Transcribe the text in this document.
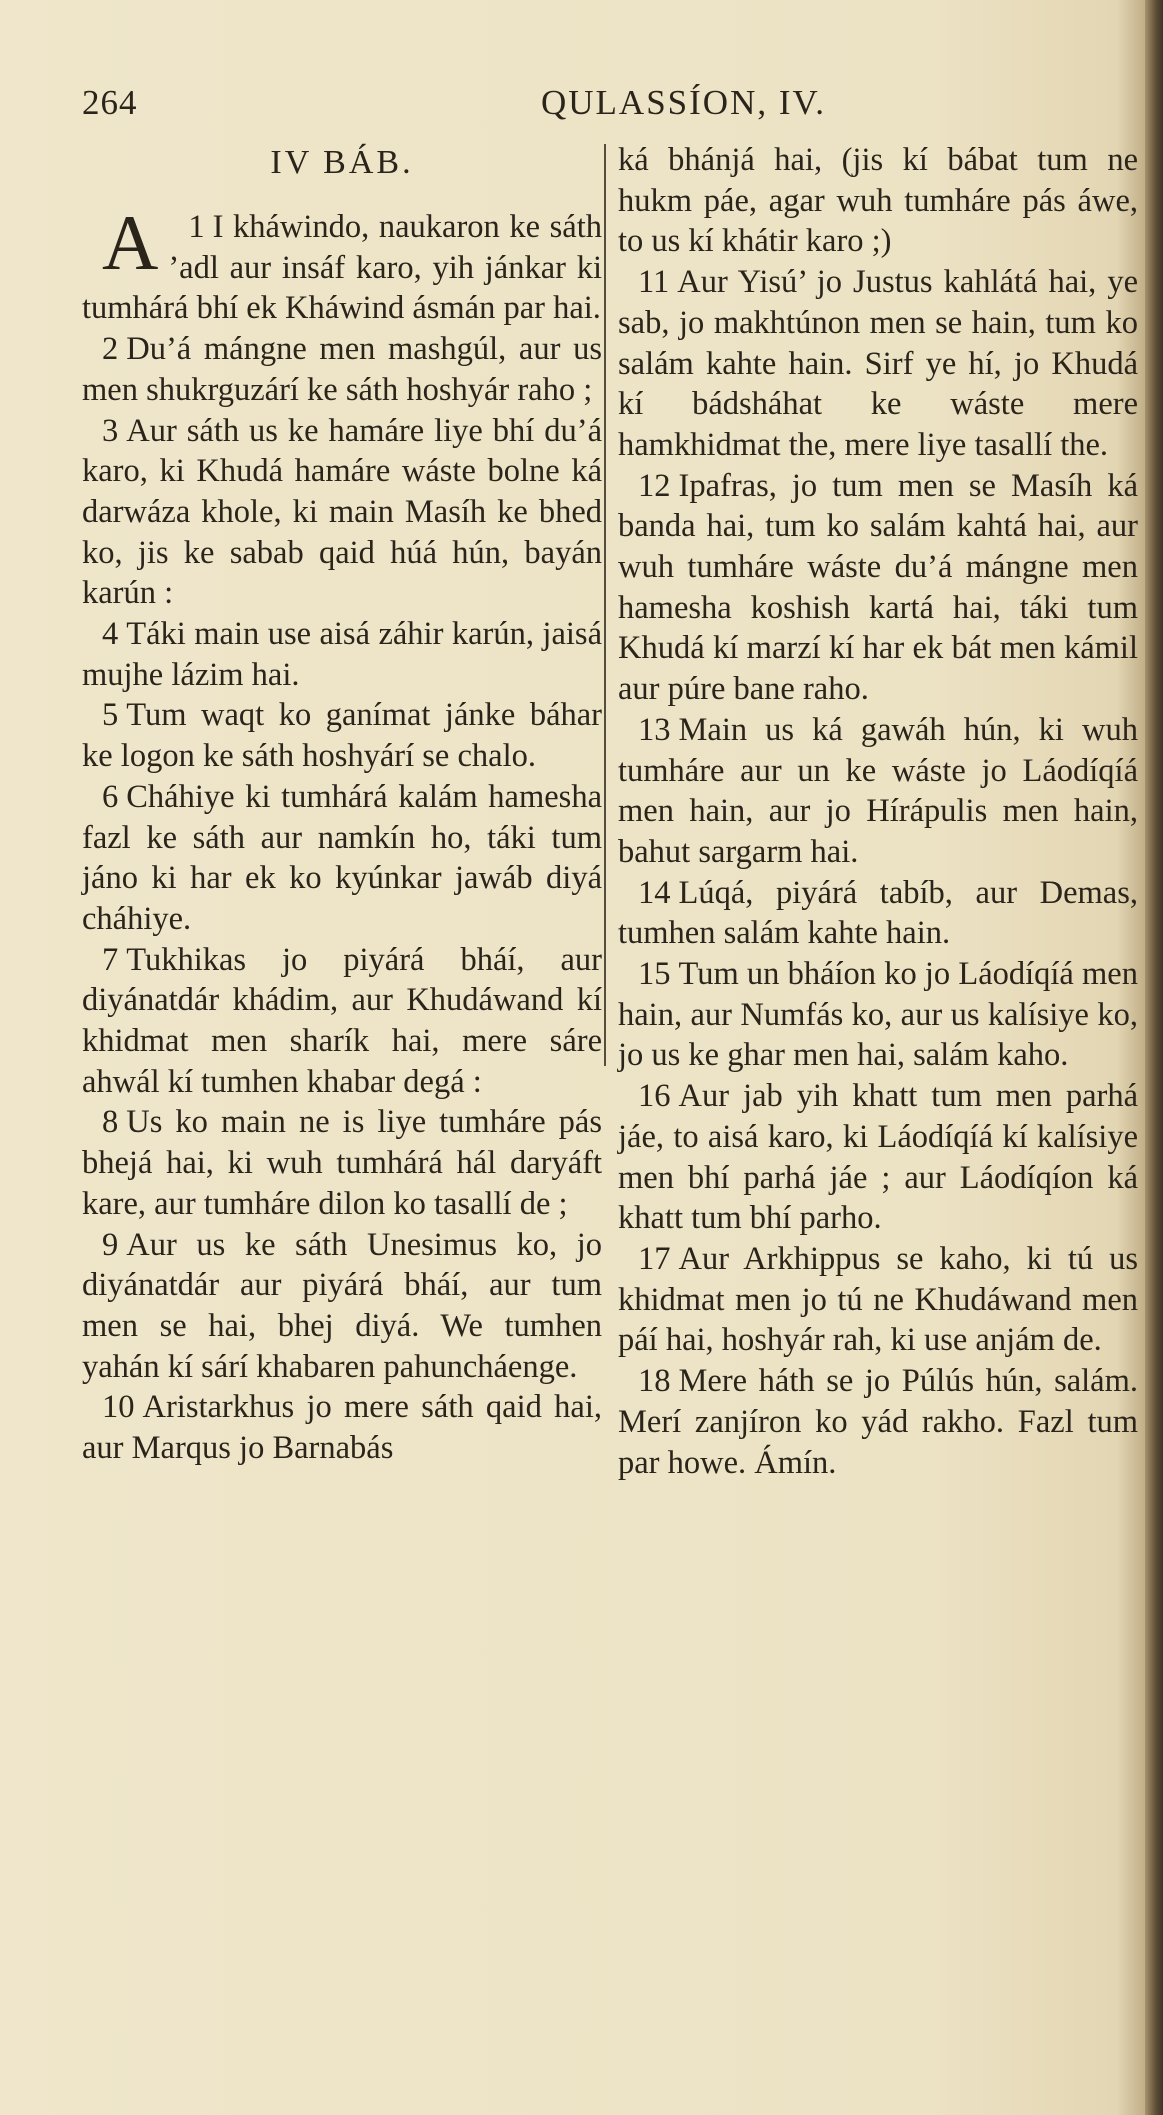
264	QULASSÍON, IV.
IV BÁB.

1
A I kháwindo, naukaron ke sáth ’adl aur insáf karo, yih jánkar ki tumhárá bhí ek Kháwind ásmán par hai.

2 Du’á mángne men mashgúl, aur us men shukrguzárí ke sáth hoshyár raho ;

3 Aur sáth us ke hamáre liye bhí du’á karo, ki Khudá hamáre wáste bolne ká darwáza khole, ki main Masíh ke bhed ko, jis ke sabab qaid húá hún, bayán karún :

4 Táki main use aisá záhir karún, jaisá mujhe lázim hai.

5 Tum waqt ko ganímat jánke báhar ke logon ke sáth hoshyárí se chalo.

6 Cháhiye ki tumhárá kalám hamesha fazl ke sáth aur namkín ho, táki tum jáno ki har ek ko kyúnkar jawáb diyá cháhiye.

7 Tukhikas jo piyárá bháí, aur diyánatdár khádim, aur Khudáwand kí khidmat men sharík hai, mere sáre ahwál kí tumhen khabar degá :

8 Us ko main ne is liye tumháre pás bhejá hai, ki wuh tumhárá hál daryáft kare, aur tumháre dilon ko tasallí de ;

9 Aur us ke sáth Unesimus ko, jo diyánatdár aur piyárá bháí, aur tum men se hai, bhej diyá. We tumhen yahán kí sárí khabaren pahuncháenge.

10 Aristarkhus jo mere sáth qaid hai, aur Marqus jo Barnabás

ká bhánjá hai, (jis kí bábat tum ne hukm páe, agar wuh tumháre pás áwe, to us kí khátir karo ;)

11 Aur Yisú’ jo Justus kahlátá hai, ye sab, jo makhtúnon men se hain, tum ko salám kahte hain. Sirf ye hí, jo Khudá kí bádsháhat ke wáste mere hamkhidmat the, mere liye tasallí the.

12 Ipafras, jo tum men se Masíh ká banda hai, tum ko salám kahtá hai, aur wuh tumháre wáste du’á mángne men hamesha koshish kartá hai, táki tum Khudá kí marzí kí har ek bát men kámil aur púre bane raho.

13 Main us ká gawáh hún, ki wuh tumháre aur un ke wáste jo Láodíqíá men hain, aur jo Hírápulis men hain, bahut sargarm hai.

14 Lúqá, piyárá tabíb, aur Demas, tumhen salám kahte hain.

15 Tum un bháíon ko jo Láodíqíá men hain, aur Numfás ko, aur us kalísiye ko, jo us ke ghar men hai, salám kaho.

16 Aur jab yih khatt tum men parhá jáe, to aisá karo, ki Láodíqíá kí kalísiye men bhí parhá jáe ; aur Láodíqíon ká khatt tum bhí parho.

17 Aur Arkhippus se kaho, ki tú us khidmat men jo tú ne Khudáwand men páí hai, hoshyár rah, ki use anjám de.

18 Mere háth se jo Púlús hún, salám. Merí zanjíron ko yád rakho. Fazl tum par howe. Ámín.
